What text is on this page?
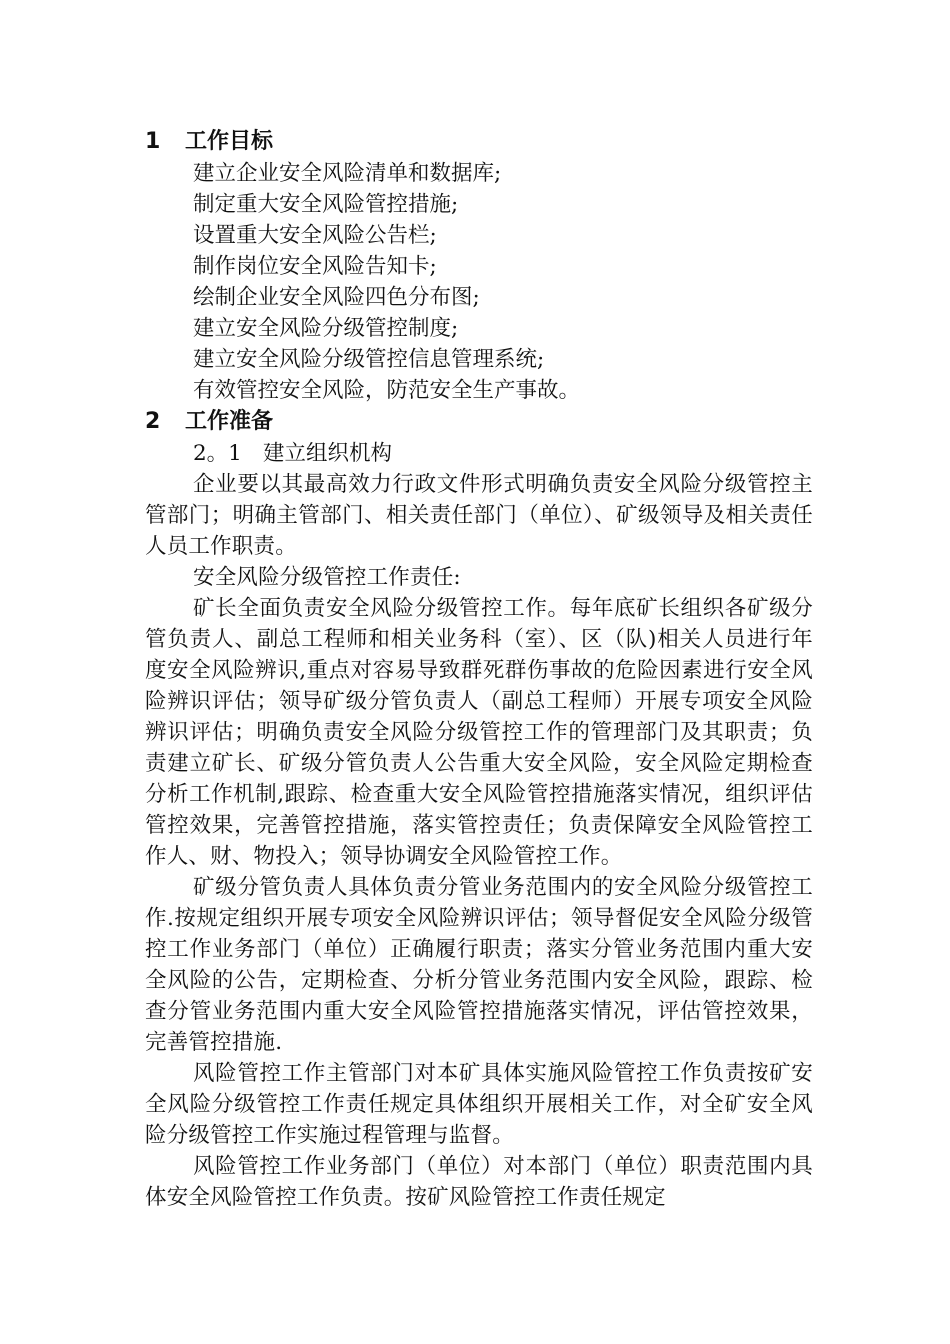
1 工作目标
建立企业安全风险清单和数据库;
制定重大安全风险管控措施;
设置重大安全风险公告栏;
制作岗位安全风险告知卡;
绘制企业安全风险四色分布图;
建立安全风险分级管控制度;
建立安全风险分级管控信息管理系统;
有效管控安全风险，防范安全生产事故。
2 工作准备
2。1 建立组织机构

企业要以其最高效力行政文件形式明确负责安全风险分级管控主管部门；明确主管部门、相关责任部门（单位）、矿级领导及相关责任人员工作职责。

安全风险分级管控工作责任:

矿长全面负责安全风险分级管控工作。每年底矿长组织各矿级分管负责人、副总工程师和相关业务科（室）、区（队)相关人员进行年度安全风险辨识,重点对容易导致群死群伤事故的危险因素进行安全风险辨识评估；领导矿级分管负责人（副总工程师）开展专项安全风险辨识评估；明确负责安全风险分级管控工作的管理部门及其职责；负责建立矿长、矿级分管负责人公告重大安全风险，安全风险定期检查分析工作机制,跟踪、检查重大安全风险管控措施落实情况，组织评估管控效果，完善管控措施，落实管控责任；负责保障安全风险管控工作人、财、物投入；领导协调安全风险管控工作。

矿级分管负责人具体负责分管业务范围内的安全风险分级管控工作.按规定组织开展专项安全风险辨识评估；领导督促安全风险分级管控工作业务部门（单位）正确履行职责；落实分管业务范围内重大安全风险的公告，定期检查、分析分管业务范围内安全风险，跟踪、检查分管业务范围内重大安全风险管控措施落实情况，评估管控效果，完善管控措施.

风险管控工作主管部门对本矿具体实施风险管控工作负责按矿安全风险分级管控工作责任规定具体组织开展相关工作，对全矿安全风险分级管控工作实施过程管理与监督。

风险管控工作业务部门（单位）对本部门（单位）职责范围内具体安全风险管控工作负责。按矿风险管控工作责任规定
